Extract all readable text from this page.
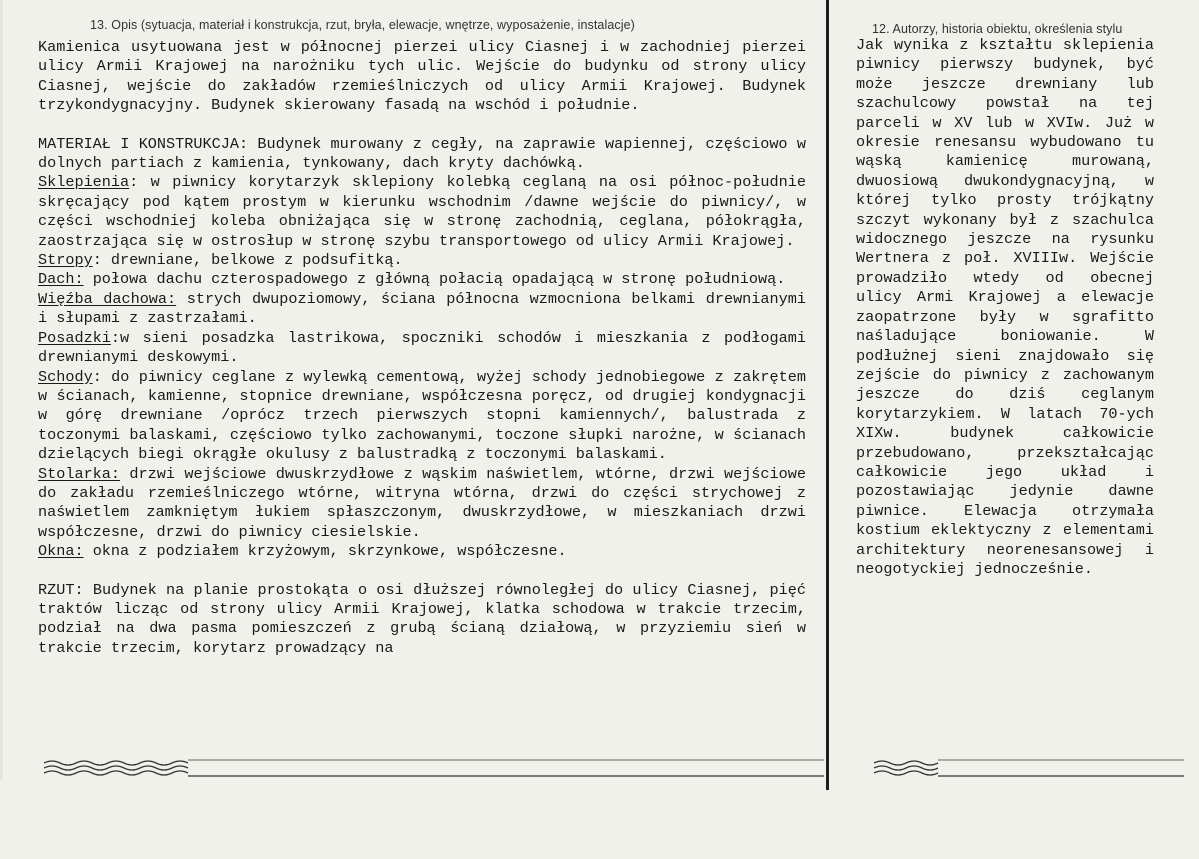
13. Opis (sytuacja, materiał i konstrukcja, rzut, bryła, elewacje, wnętrze, wyposażenie, instalacje)

Kamienica usytuowana jest w północnej pierzei ulicy Ciasnej i w zachodniej pierzei ulicy Armii Krajowej na narożniku tych ulic. Wejście do budynku od strony ulicy Ciasnej, wejście do zakładów rzemieślniczych od ulicy Armii Krajowej. Budynek trzykondygnacyjny. Budynek skierowany fasadą na wschód i południe.

MATERIAŁ I KONSTRUKCJA: Budynek murowany z cegły, na zaprawie wapiennej, częściowo w dolnych partiach z kamienia, tynkowany, dach kryty dachówką.

Sklepienia: w piwnicy korytarzyk sklepiony kolebką ceglaną na osi północ-południe skręcający pod kątem prostym w kierunku wschodnim /dawne wejście do piwnicy/, w części wschodniej koleba obniżająca się w stronę zachodnią, ceglana, półokrągła, zaostrzająca się w ostrosłup w stronę szybu transportowego od ulicy Armii Krajowej.

Stropy: drewniane, belkowe z podsufitką.

Dach: połowa dachu czterospadowego z główną połacią opadającą w stronę południową.

Więźba dachowa: strych dwupoziomowy, ściana północna wzmocniona belkami drewnianymi i słupami z zastrzałami.

Posadzki:w sieni posadzka lastrikowa, spoczniki schodów i mieszkania z podłogami drewnianymi deskowymi.

Schody: do piwnicy ceglane z wylewką cementową, wyżej schody jednobiegowe z zakrętem w ścianach, kamienne, stopnice drewniane, współczesna poręcz, od drugiej kondygnacji w górę drewniane /oprócz trzech pierwszych stopni kamiennych/, balustrada z toczonymi balaskami, częściowo tylko zachowanymi, toczone słupki narożne, w ścianach dzielących biegi okrągłe okulusy z balustradką z toczonymi balaskami.

Stolarka: drzwi wejściowe dwuskrzydłowe z wąskim naświetlem, wtórne, drzwi wejściowe do zakładu rzemieślniczego wtórne, witryna wtórna, drzwi do części strychowej z naświetlem zamkniętym łukiem spłaszczonym, dwuskrzydłowe, w mieszkaniach drzwi współczesne, drzwi do piwnicy ciesielskie.

Okna: okna z podziałem krzyżowym, skrzynkowe, współczesne.

RZUT: Budynek na planie prostokąta o osi dłuższej równoległej do ulicy Ciasnej, pięć traktów licząc od strony ulicy Armii Krajowej, klatka schodowa w trakcie trzecim, podział na dwa pasma pomieszczeń z grubą ścianą działową, w przyziemiu sień w trakcie trzecim, korytarz prowadzący na

12. Autorzy, historia obiektu, określenia stylu

Jak wynika z kształtu sklepienia piwnicy pierwszy budynek, być może jeszcze drewniany lub szachulcowy powstał na tej parceli w XV lub w XVIw. Już w okresie renesansu wybudowano tu wąską kamienicę murowaną, dwuosiową dwukondygnacyjną, w której tylko prosty trójkątny szczyt wykonany był z szachulca widocznego jeszcze na rysunku Wertnera z poł. XVIIIw. Wejście prowadziło wtedy od obecnej ulicy Armi Krajowej a elewacje zaopatrzone były w sgrafitto naśladujące boniowanie. W podłużnej sieni znajdowało się zejście do piwnicy z zachowanym jeszcze do dziś ceglanym korytarzykiem. W latach 70-ych XIXw. budynek całkowicie przebudowano, przekształcając całkowicie jego układ i pozostawiając jedynie dawne piwnice. Elewacja otrzymała kostium eklektyczny z elementami architektury neorenesansowej i neogotyckiej jednocześnie.
